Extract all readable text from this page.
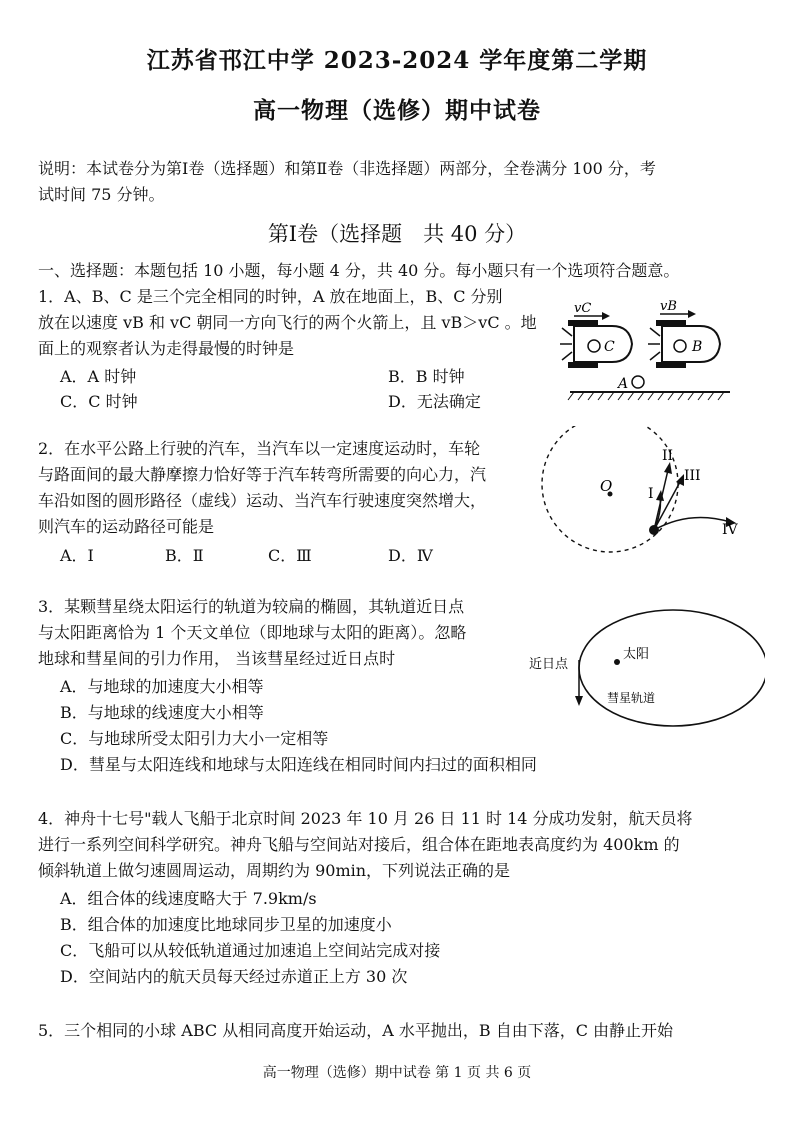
江苏省邗江中学 2023-2024 学年度第二学期
高一物理（选修）期中试卷
说明：本试卷分为第Ⅰ卷（选择题）和第Ⅱ卷（非选择题）两部分，全卷满分 100 分，考
试时间 75 分钟。
第Ⅰ卷（选择题　共 40 分）
一、选择题：本题包括 10 小题，每小题 4 分，共 40 分。每小题只有一个选项符合题意。
1．A、B、C 是三个完全相同的时钟，A 放在地面上，B、C 分别
放在以速度 vB 和 vC 朝同一方向飞行的两个火箭上，且 vB＞vC 。地
面上的观察者认为走得最慢的时钟是
A．A 时钟	B．B 时钟
C．C 时钟	D．无法确定
C
vC
B
vB
A
2．在水平公路上行驶的汽车，当汽车以一定速度运动时，车轮
与路面间的最大静摩擦力恰好等于汽车转弯所需要的向心力，汽
车沿如图的圆形路径（虚线）运动、当汽车行驶速度突然增大，
则汽车的运动路径可能是
A．Ⅰ	B．Ⅱ	C．Ⅲ	D．Ⅳ
O	I
II
III
IV
3．某颗彗星绕太阳运行的轨道为较扁的椭圆，其轨道近日点
与太阳距离恰为 1 个天文单位（即地球与太阳的距离）。忽略
地球和彗星间的引力作用， 当该彗星经过近日点时
A．与地球的加速度大小相等
B．与地球的线速度大小相等
C．与地球所受太阳引力大小一定相等
D．彗星与太阳连线和地球与太阳连线在相同时间内扫过的面积相同
太阳
近日点
彗星轨道
4．神舟十七号"载人飞船于北京时间 2023 年 10 月 26 日 11 时 14 分成功发射，航天员将
进行一系列空间科学研究。神舟飞船与空间站对接后，组合体在距地表高度约为 400km 的
倾斜轨道上做匀速圆周运动，周期约为 90min，下列说法正确的是
A．组合体的线速度略大于 7.9km/s
B．组合体的加速度比地球同步卫星的加速度小
C．飞船可以从较低轨道通过加速追上空间站完成对接
D．空间站内的航天员每天经过赤道正上方 30 次
5．三个相同的小球 ABC 从相同高度开始运动，A 水平抛出，B 自由下落，C 由静止开始
高一物理（选修）期中试卷 第 1 页 共 6 页
